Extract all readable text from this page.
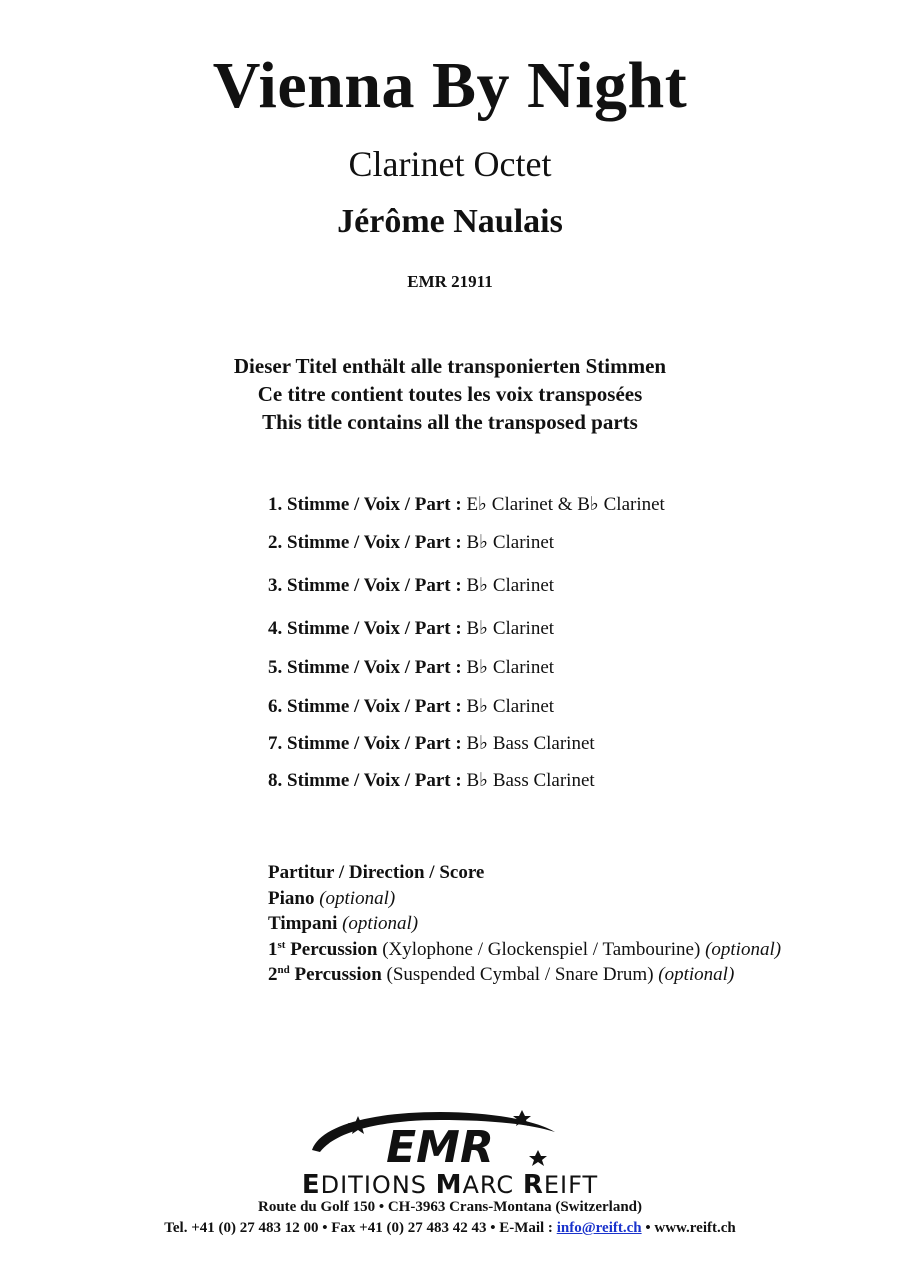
Vienna By Night
Clarinet Octet
Jérôme Naulais
EMR 21911
Dieser Titel enthält alle transponierten Stimmen
Ce titre contient toutes les voix transposées
This title contains all the transposed parts
1. Stimme / Voix / Part : E♭ Clarinet & B♭ Clarinet
2. Stimme / Voix / Part : B♭ Clarinet
3. Stimme / Voix / Part : B♭ Clarinet
4. Stimme / Voix / Part : B♭ Clarinet
5. Stimme / Voix / Part : B♭ Clarinet
6. Stimme / Voix / Part : B♭ Clarinet
7. Stimme / Voix / Part : B♭ Bass Clarinet
8. Stimme / Voix / Part : B♭ Bass Clarinet
Partitur / Direction / Score
Piano (optional)
Timpani (optional)
1st Percussion (Xylophone / Glockenspiel / Tambourine) (optional)
2nd Percussion (Suspended Cymbal / Snare Drum) (optional)
EMR
EDITIONS MARC REIFT
Route du Golf 150 • CH-3963 Crans-Montana (Switzerland)
Tel. +41 (0) 27 483 12 00 • Fax +41 (0) 27 483 42 43 • E-Mail : info@reift.ch • www.reift.ch
